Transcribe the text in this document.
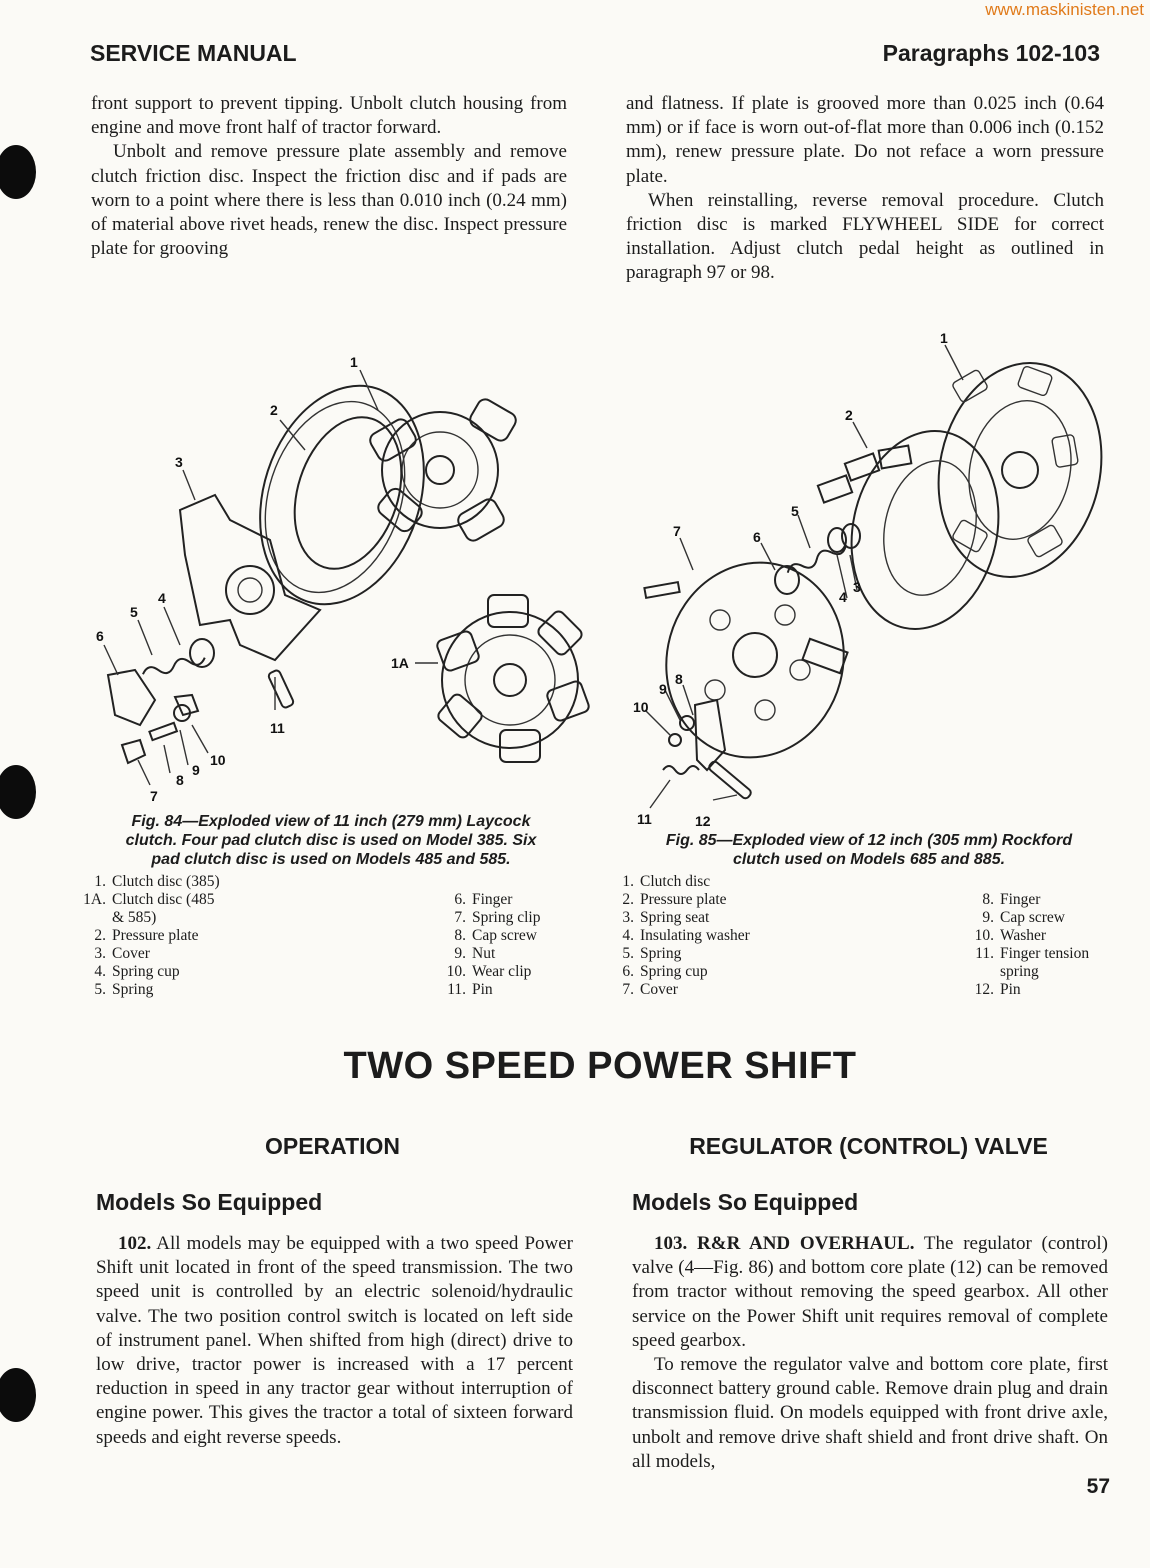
www.maskinisten.net
SERVICE MANUAL	Paragraphs 102-103

front support to prevent tipping. Unbolt clutch housing from engine and move front half of tractor forward.

Unbolt and remove pressure plate assembly and remove clutch friction disc. Inspect the friction disc and if pads are worn to a point where there is less than 0.010 inch (0.24 mm) of material above rivet heads, renew the disc. Inspect pressure plate for grooving

and flatness. If plate is grooved more than 0.025 inch (0.64 mm) or if face is worn out-of-flat more than 0.006 inch (0.152 mm), renew pressure plate. Do not reface a worn pressure plate.

When reinstalling, reverse removal procedure. Clutch friction disc is marked FLYWHEEL SIDE for correct installation. Adjust clutch pedal height as outlined in paragraph 97 or 98.

1
2
3
4
5
6
1A
11
7
8
9
10
1
2
5
6
7
3
4
8
9
10
11	12
Fig. 84—Exploded view of 11 inch (279 mm) Laycock
clutch. Four pad clutch disc is used on Model 385. Six
pad clutch disc is used on Models 485 and 585.
1. Clutch disc (385)
1A. Clutch disc (485
& 585)
2. Pressure plate
3. Cover
4. Spring cup
5. Spring
6. Finger
7. Spring clip
8. Cap screw
9. Nut
10. Wear clip
11. Pin
Fig. 85—Exploded view of 12 inch (305 mm) Rockford
clutch used on Models 685 and 885.
1. Clutch disc
2. Pressure plate
3. Spring seat
4. Insulating washer
5. Spring
6. Spring cup
7. Cover
8. Finger
9. Cap screw
10. Washer
11. Finger tension
spring
12. Pin
TWO SPEED POWER SHIFT
OPERATION
Models So Equipped

102. All models may be equipped with a two speed Power Shift unit located in front of the speed transmission. The two speed unit is controlled by an electric solenoid/hydraulic valve. The two position control switch is located on left side of instrument panel. When shifted from high (direct) drive to low drive, tractor power is increased with a 17 percent reduction in speed in any tractor gear without interruption of engine power. This gives the tractor a total of sixteen forward speeds and eight reverse speeds.

REGULATOR (CONTROL) VALVE
Models So Equipped

103. R&R AND OVERHAUL. The regulator (control) valve (4—Fig. 86) and bottom core plate (12) can be removed from tractor without removing the speed gearbox. All other service on the Power Shift unit requires removal of complete speed gearbox.

To remove the regulator valve and bottom core plate, first disconnect battery ground cable. Remove drain plug and drain transmission fluid. On models equipped with front drive axle, unbolt and remove drive shaft shield and front drive shaft. On all models,

57
